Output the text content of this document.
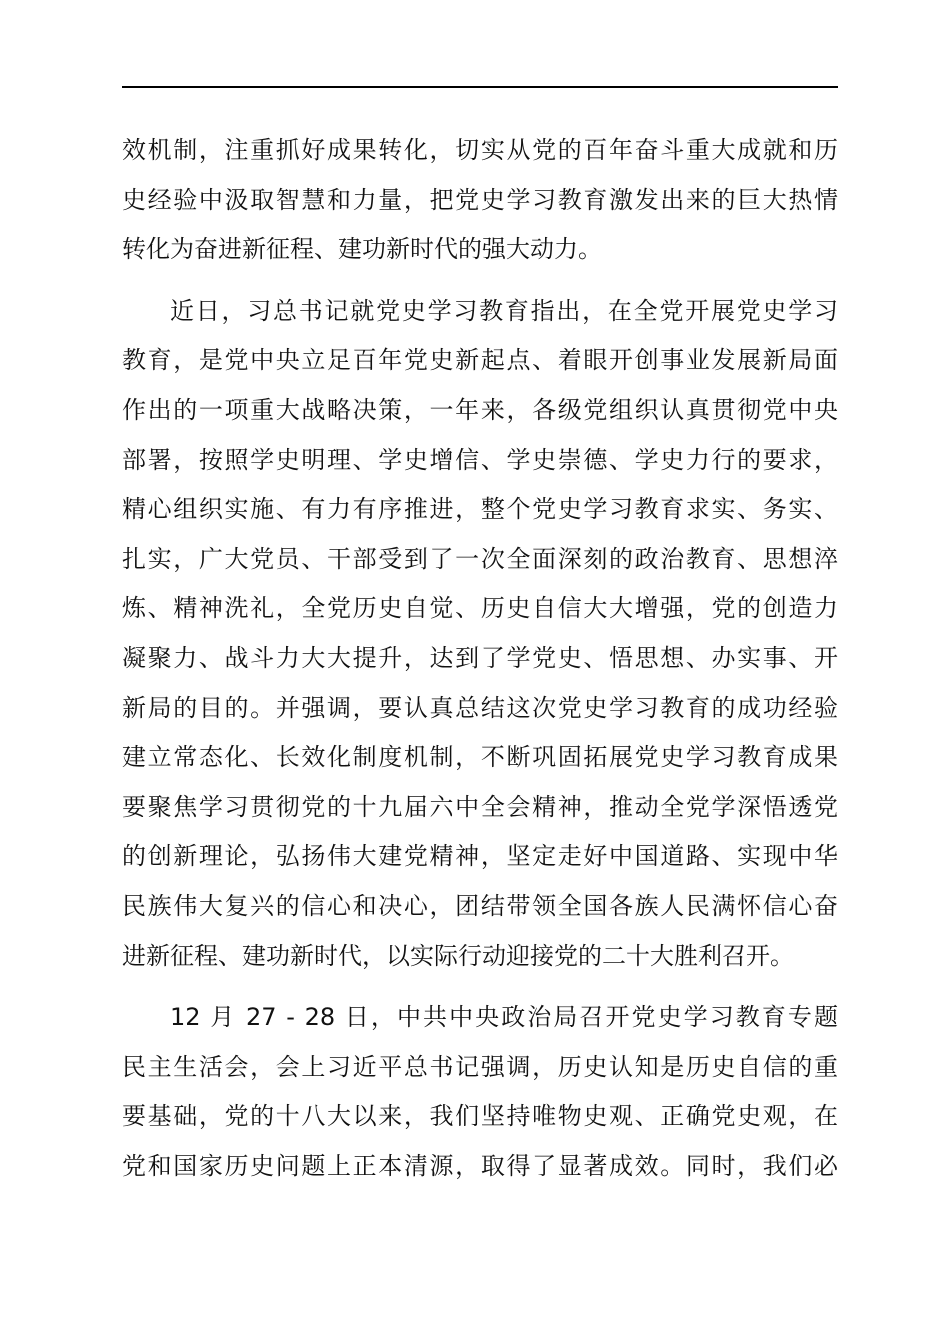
效机制，注重抓好成果转化，切实从党的百年奋斗重大成就和历
史经验中汲取智慧和力量，把党史学习教育激发出来的巨大热情
转化为奋进新征程、建功新时代的强大动力。

近日，习总书记就党史学习教育指出，在全党开展党史学习
教育，是党中央立足百年党史新起点、着眼开创事业发展新局面
作出的一项重大战略决策，一年来，各级党组织认真贯彻党中央
部署，按照学史明理、学史增信、学史崇德、学史力行的要求，
精心组织实施、有力有序推进，整个党史学习教育求实、务实、
扎实，广大党员、干部受到了一次全面深刻的政治教育、思想淬
炼、精神洗礼，全党历史自觉、历史自信大大增强，党的创造力
凝聚力、战斗力大大提升，达到了学党史、悟思想、办实事、开
新局的目的。并强调，要认真总结这次党史学习教育的成功经验
建立常态化、长效化制度机制，不断巩固拓展党史学习教育成果
要聚焦学习贯彻党的十九届六中全会精神，推动全党学深悟透党
的创新理论，弘扬伟大建党精神，坚定走好中国道路、实现中华
民族伟大复兴的信心和决心，团结带领全国各族人民满怀信心奋
进新征程、建功新时代，以实际行动迎接党的二十大胜利召开。

12 月 27 - 28 日，中共中央政治局召开党史学习教育专题
民主生活会，会上习近平总书记强调，历史认知是历史自信的重
要基础，党的十八大以来，我们坚持唯物史观、正确党史观，在
党和国家历史问题上正本清源，取得了显著成效。同时，我们必
